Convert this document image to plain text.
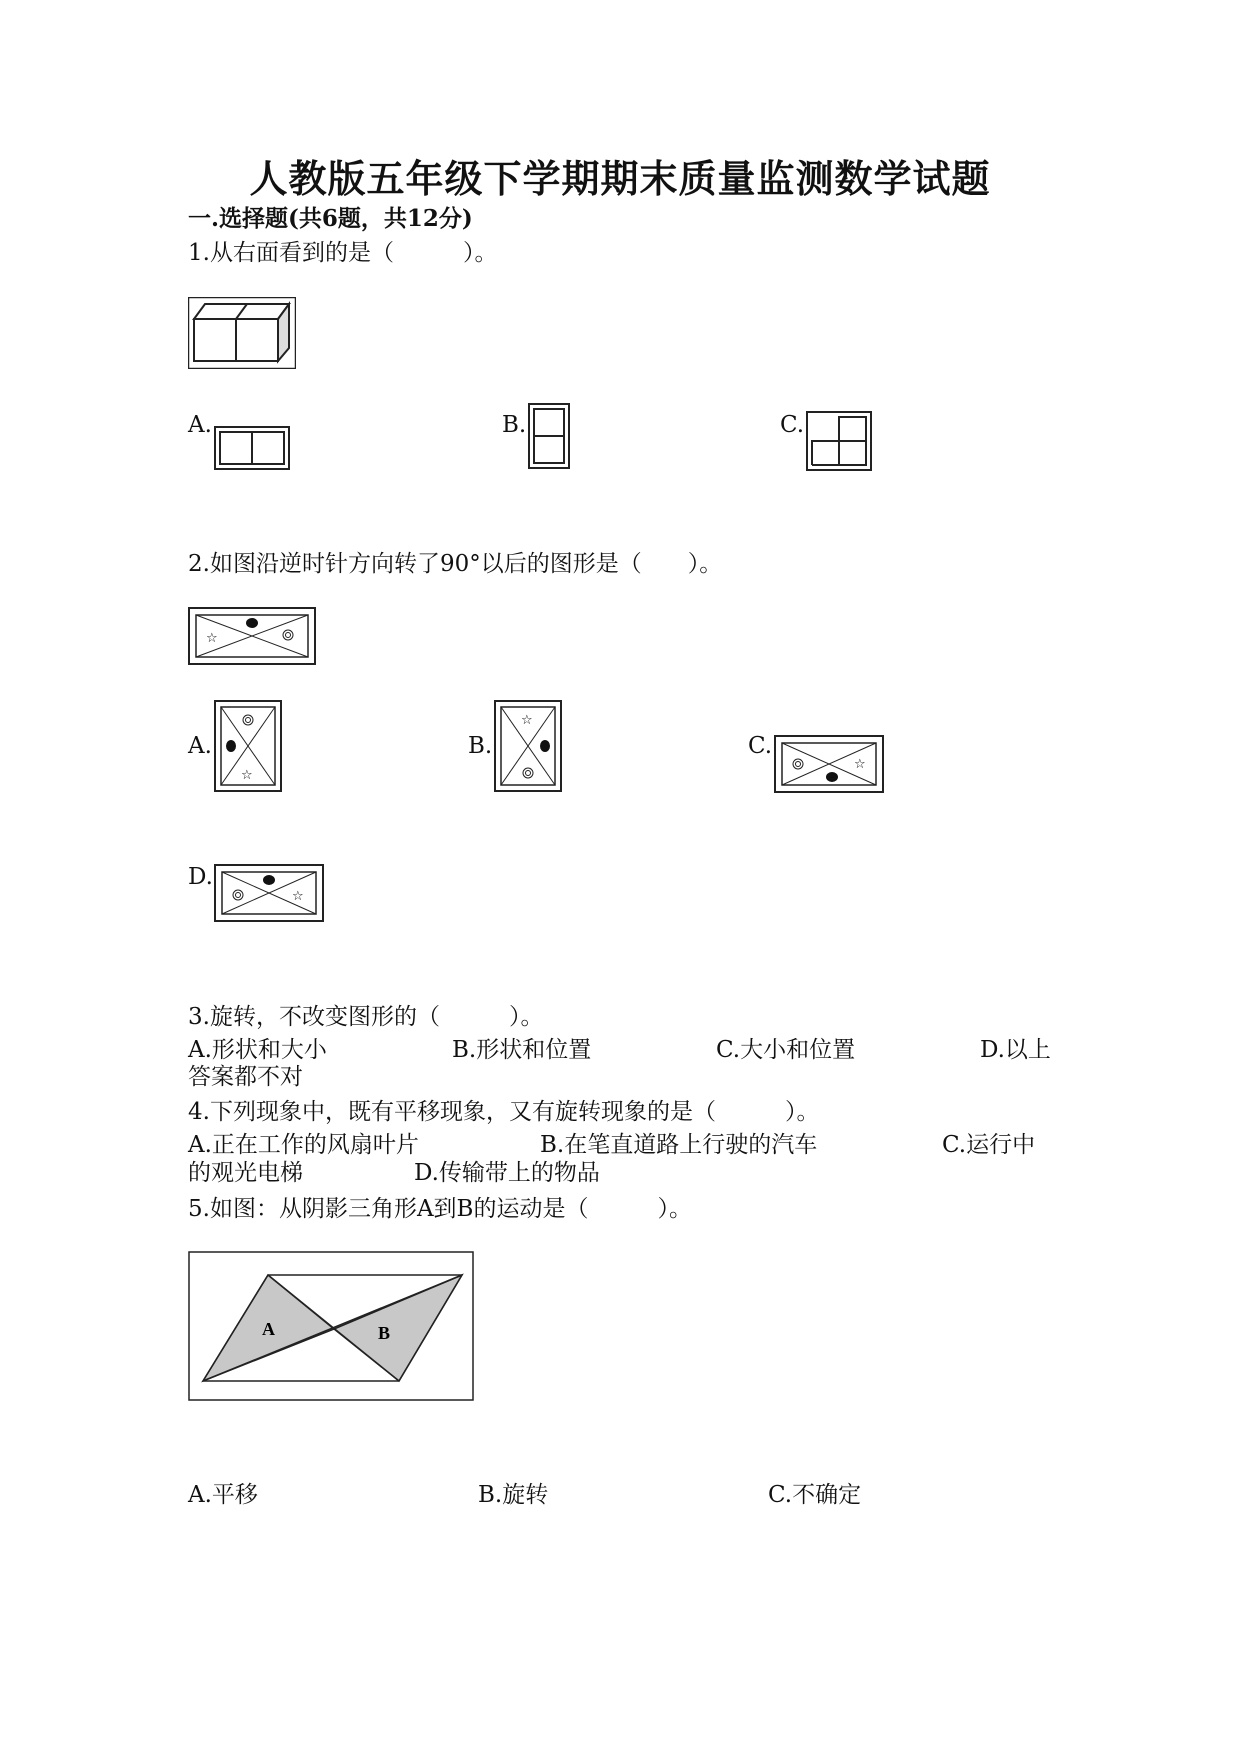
人教版五年级下学期期末质量监测数学试题
一.选择题(共6题，共12分)
1.从右面看到的是（　　　）。
A.	B.	C.
2.如图沿逆时针方向转了90°以后的图形是（　　）。
☆
A.
☆
B.
☆
C.
☆
D.
☆
3.旋转，不改变图形的（　　　）。
A.形状和大小	B.形状和位置	C.大小和位置	D.以上
答案都不对
4.下列现象中，既有平移现象，又有旋转现象的是（　　　）。
A.正在工作的风扇叶片	B.在笔直道路上行驶的汽车	C.运行中
的观光电梯	D.传输带上的物品
5.如图：从阴影三角形A到B的运动是（　　　）。
A	B
A.平移	B.旋转	C.不确定
